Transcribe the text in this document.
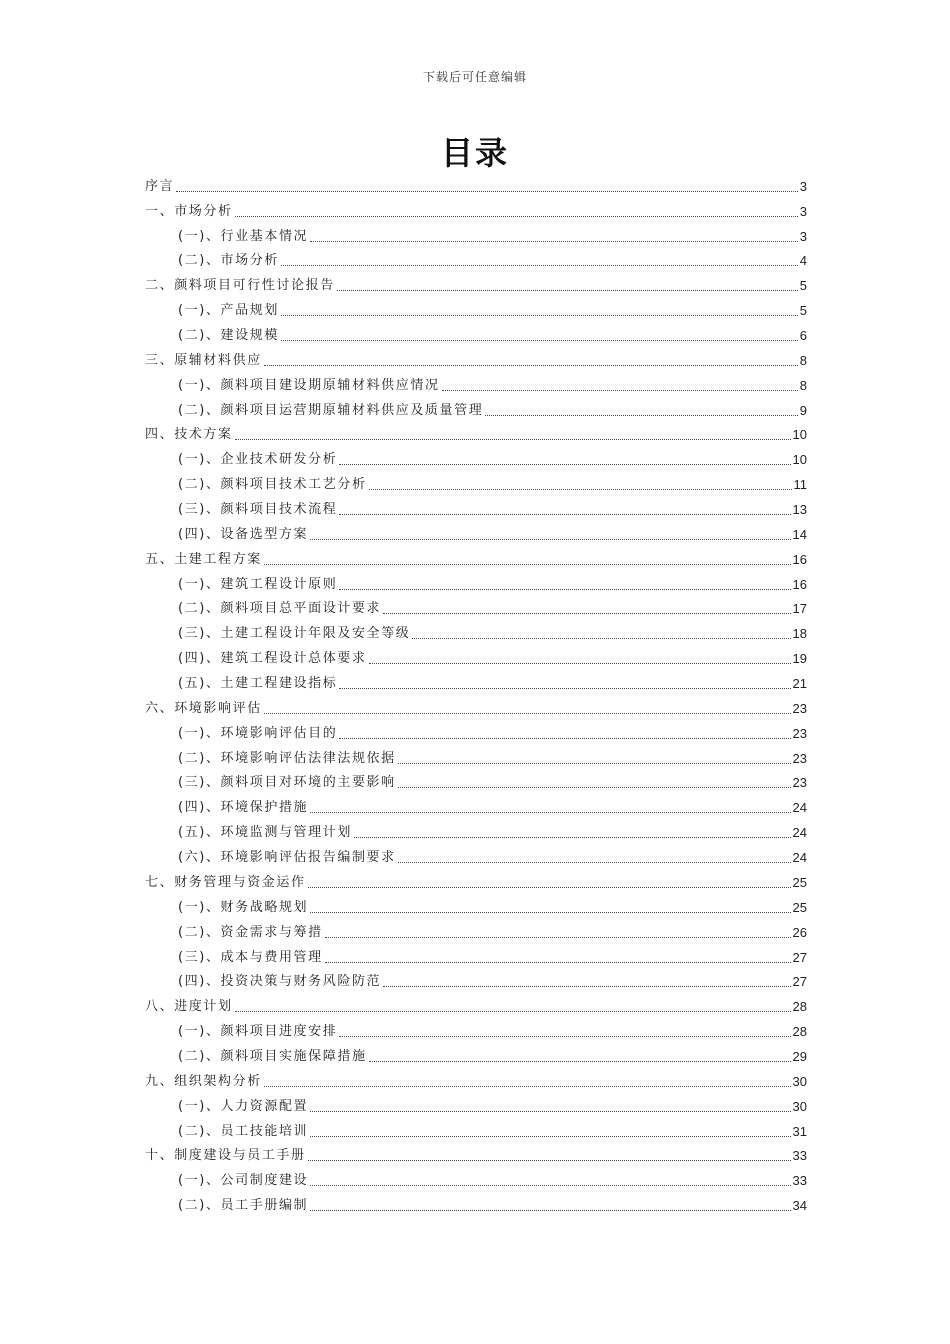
下载后可任意编辑
目录
序言	3
一、市场分析	3
(一)、行业基本情况	3
(二)、市场分析	4
二、颜料项目可行性讨论报告	5
(一)、产品规划	5
(二)、建设规模	6
三、原辅材料供应	8
(一)、颜料项目建设期原辅材料供应情况	8
(二)、颜料项目运营期原辅材料供应及质量管理	9
四、技术方案	10
(一)、企业技术研发分析	10
(二)、颜料项目技术工艺分析	11
(三)、颜料项目技术流程	13
(四)、设备选型方案	14
五、土建工程方案	16
(一)、建筑工程设计原则	16
(二)、颜料项目总平面设计要求	17
(三)、土建工程设计年限及安全等级	18
(四)、建筑工程设计总体要求	19
(五)、土建工程建设指标	21
六、环境影响评估	23
(一)、环境影响评估目的	23
(二)、环境影响评估法律法规依据	23
(三)、颜料项目对环境的主要影响	23
(四)、环境保护措施	24
(五)、环境监测与管理计划	24
(六)、环境影响评估报告编制要求	24
七、财务管理与资金运作	25
(一)、财务战略规划	25
(二)、资金需求与筹措	26
(三)、成本与费用管理	27
(四)、投资决策与财务风险防范	27
八、进度计划	28
(一)、颜料项目进度安排	28
(二)、颜料项目实施保障措施	29
九、组织架构分析	30
(一)、人力资源配置	30
(二)、员工技能培训	31
十、制度建设与员工手册	33
(一)、公司制度建设	33
(二)、员工手册编制	34
